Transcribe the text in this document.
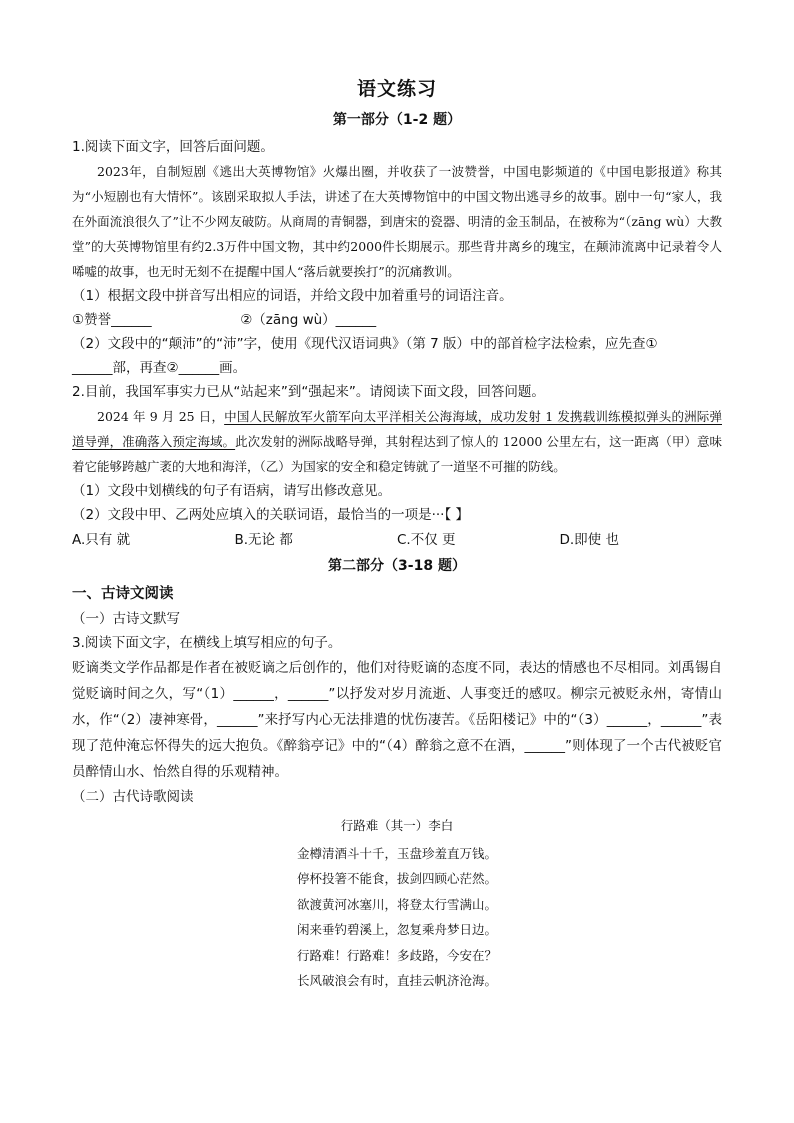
语文练习
第一部分（1-2 题）
1.阅读下面文字，回答后面问题。

2023年，自制短剧《逃出大英博物馆》火爆出圈，并收获了一波赞誉，中国电影频道的《中国电影报道》称其为“小短剧也有大情怀”。该剧采取拟人手法，讲述了在大英博物馆中的中国文物出逃寻乡的故事。剧中一句“家人，我在外面流浪很久了”让不少网友破防。从商周的青铜器，到唐宋的瓷器、明清的金玉制品，在被称为“（zāng wù）大教堂”的大英博物馆里有约2.3万件中国文物，其中约2000件长期展示。那些背井离乡的瑰宝，在颠沛流离中记录着令人唏嘘的故事，也无时无刻不在提醒中国人“落后就要挨打”的沉痛教训。

（1）根据文段中拼音写出相应的词语，并给文段中加着重号的词语注音。
①赞誉______	②（zāng wù）______
（2）文段中的“颠沛”的“沛”字，使用《现代汉语词典》（第 7 版）中的部首检字法检索，应先查①
______部，再查②______画。
2.目前，我国军事实力已从“站起来”到“强起来”。请阅读下面文段，回答问题。

2024 年 9 月 25 日，中国人民解放军火箭军向太平洋相关公海海域，成功发射 1 发携载训练模拟弹头的洲际弹道导弹，准确落入预定海域。此次发射的洲际战略导弹，其射程达到了惊人的 12000 公里左右，这一距离（甲）意味着它能够跨越广袤的大地和海洋，（乙）为国家的安全和稳定铸就了一道坚不可摧的防线。

（1）文段中划横线的句子有语病，请写出修改意见。
（2）文段中甲、乙两处应填入的关联词语，最恰当的一项是···【 】
A.只有 就	B.无论 都	C.不仅 更	D.即使 也
第二部分（3-18 题）
一、古诗文阅读
（一）古诗文默写
3.阅读下面文字，在横线上填写相应的句子。

贬谪类文学作品都是作者在被贬谪之后创作的，他们对待贬谪的态度不同，表达的情感也不尽相同。刘禹锡自觉贬谪时间之久，写“（1）______，______”以抒发对岁月流逝、人事变迁的感叹。柳宗元被贬永州，寄情山水，作“（2）凄神寒骨，______”来抒写内心无法排遣的忧伤凄苦。《岳阳楼记》中的“（3）______，______”表现了范仲淹忘怀得失的远大抱负。《醉翁亭记》中的“（4）醉翁之意不在酒，______”则体现了一个古代被贬官员醉情山水、怡然自得的乐观精神。

（二）古代诗歌阅读
行路难（其一）李白
金樽清酒斗十千，玉盘珍羞直万钱。
停杯投箸不能食，拔剑四顾心茫然。
欲渡黄河冰塞川，将登太行雪满山。
闲来垂钓碧溪上，忽复乘舟梦日边。
行路难！行路难！多歧路，今安在？
长风破浪会有时，直挂云帆济沧海。
